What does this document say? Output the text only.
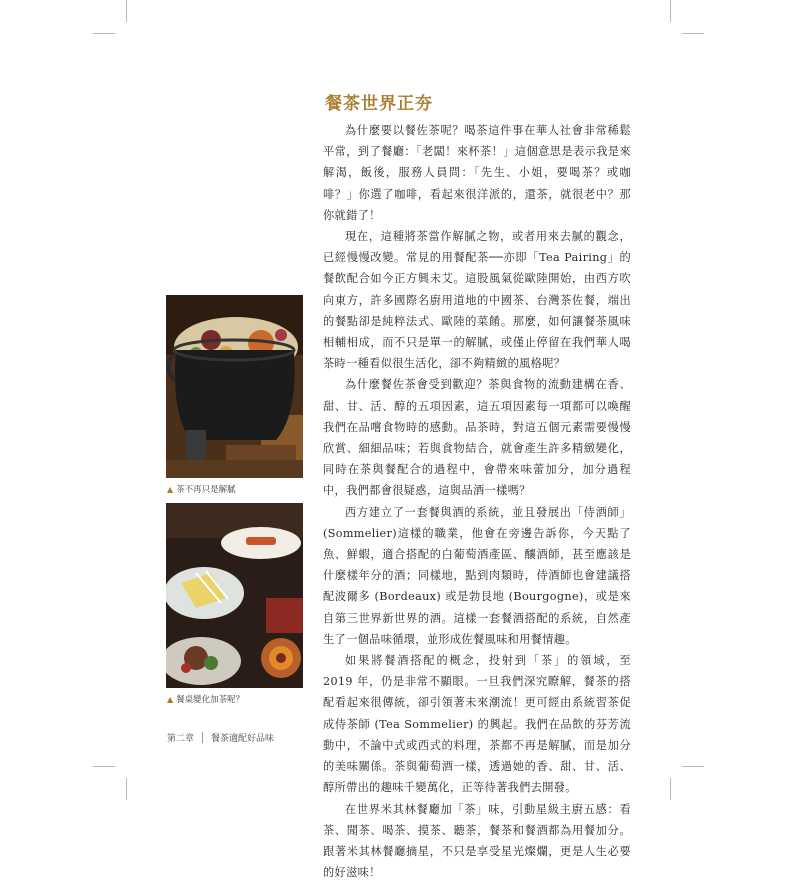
餐茶世界正夯

為什麼要以餐佐茶呢？喝茶這件事在華人社會非常稀鬆平常，到了餐廳：「老闆！來杯茶！」這個意思是表示我是來解渴，飯後，服務人員問：「先生、小姐，要喝茶？或咖啡？」你選了咖啡，看起來很洋派的，還茶，就很老中？那你就錯了！

現在，這種將茶當作解膩之物，或者用來去膩的觀念，已經慢慢改變。常見的用餐配茶──亦即「Tea Pairing」的餐飲配合如今正方興未艾。這股風氣從歐陸開始，由西方吹向東方，許多國際名廚用道地的中國茶、台灣茶佐餐，端出的餐點卻是純粹法式、歐陸的菜餚。那麼，如何讓餐茶風味相輔相成，而不只是單一的解膩，或僅止停留在我們華人喝茶時一種看似很生活化，卻不夠精緻的風格呢？

為什麼餐佐茶會受到歡迎？茶與食物的流動建構在香、甜、甘、活、醇的五項因素，這五項因素每一項都可以喚醒我們在品嚐食物時的感動。品茶時，對這五個元素需要慢慢欣賞、細細品味；若與食物結合，就會產生許多精緻變化，同時在茶與餐配合的過程中，會帶來味蕾加分，加分過程中，我們都會很疑惑，這與品酒一樣嗎？

西方建立了一套餐與酒的系統，並且發展出「侍酒師」(Sommelier)這樣的職業，他會在旁邊告訴你，今天點了魚、鮮蝦，適合搭配的白葡萄酒產區、釀酒師，甚至應該是什麼樣年分的酒；同樣地，點到肉類時，侍酒師也會建議搭配波爾多 (Bordeaux) 或是勃艮地 (Bourgogne)，或是來自第三世界新世界的酒。這樣一套餐酒搭配的系統，自然產生了一個品味循環，並形成佐餐風味和用餐情趣。

如果將餐酒搭配的概念，投射到「茶」的領域，至 2019 年，仍是非常不顯眼。一旦我們深究瞭解，餐茶的搭配看起來很傳統，卻引領著未來潮流！更可經由系統習茶促成侍茶師 (Tea Sommelier) 的興起。我們在品飲的芬芳流動中，不論中式或西式的料理，茶都不再是解膩，而是加分的美味關係。茶與葡萄酒一樣，透過她的香、甜、甘、活、醇所帶出的趣味千變萬化，正等待著我們去開發。

在世界米其林餐廳加「茶」味，引動星級主廚五感：看茶、聞茶、喝茶、摸茶、聽茶，餐茶和餐酒都為用餐加分。跟著米其林餐廳摘星，不只是享受星光燦爛，更是人生必要的好滋味！

▲ 茶不再只是解膩
▲ 餐桌變化加茶呢？
第二章 餐茶適配好品味
